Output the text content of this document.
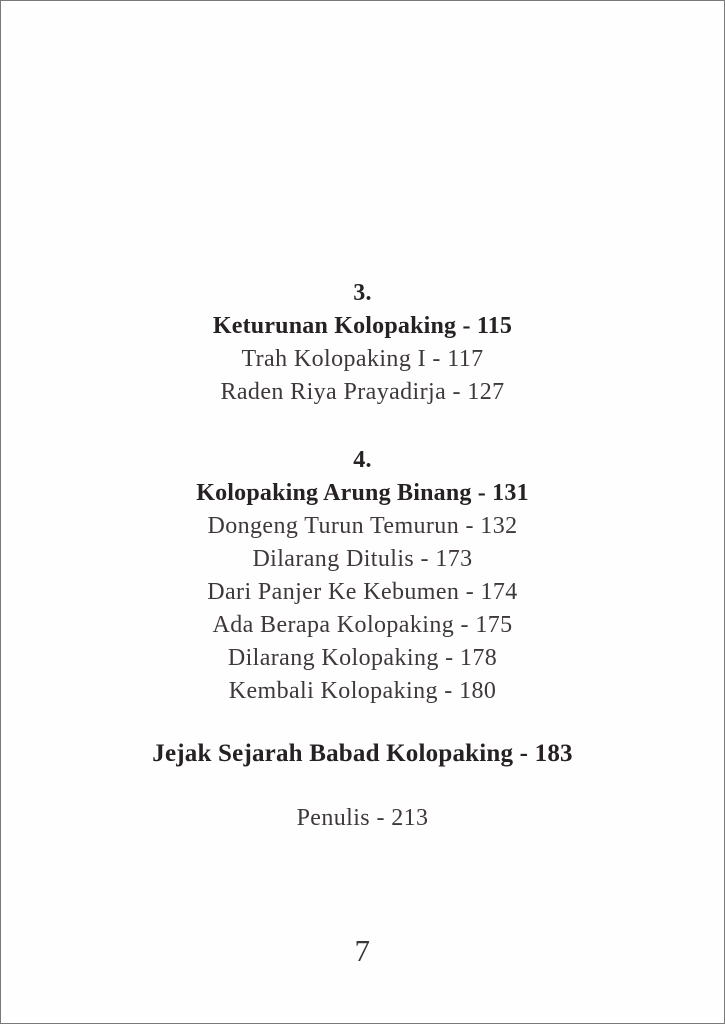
3.
Keturunan Kolopaking - 115
Trah Kolopaking I - 117
Raden Riya Prayadirja - 127
4.
Kolopaking Arung Binang - 131
Dongeng Turun Temurun - 132
Dilarang Ditulis - 173
Dari Panjer Ke Kebumen - 174
Ada Berapa Kolopaking - 175
Dilarang Kolopaking - 178
Kembali Kolopaking - 180
Jejak Sejarah Babad Kolopaking - 183
Penulis - 213
7
